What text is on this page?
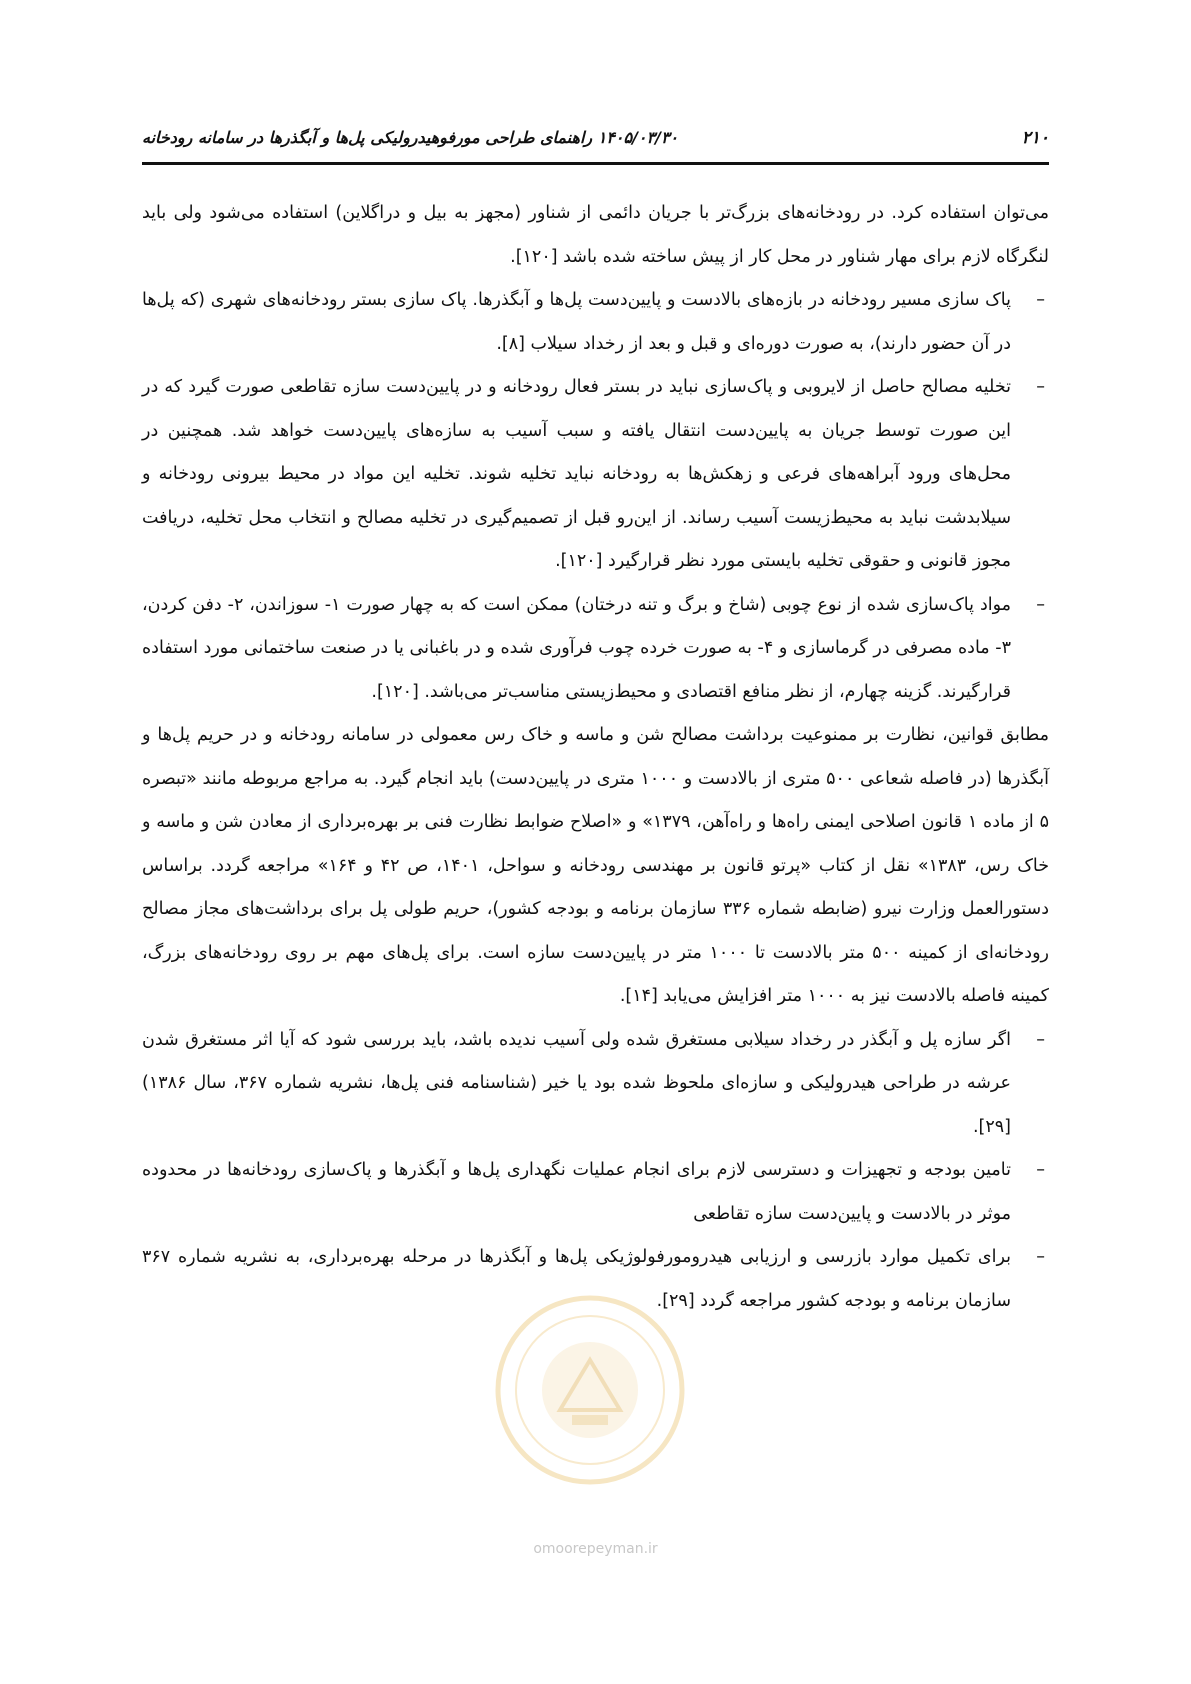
۲۱۰
۱۴۰۵/۰۳/۳۰ راهنمای طراحی مورفوهیدرولیکی پل‌ها و آبگذرها در سامانه رودخانه

می‌توان استفاده کرد. در رودخانه‌های بزرگ‌تر با جریان دائمی از شناور (مجهز به بیل و دراگلاین) استفاده می‌شود ولی باید لنگرگاه لازم برای مهار شناور در محل کار از پیش ساخته شده باشد [۱۲۰].

– پاک سازی مسیر رودخانه در بازه‌های بالادست و پایین‌دست پل‌ها و آبگذرها. پاک سازی بستر رودخانه‌های شهری (که پل‌ها در آن حضور دارند)، به صورت دوره‌ای و قبل و بعد از رخداد سیلاب [۸].
– تخلیه مصالح حاصل از لایروبی و پاک‌سازی نباید در بستر فعال رودخانه و در پایین‌دست سازه تقاطعی صورت گیرد که در این صورت توسط جریان به پایین‌دست انتقال یافته و سبب آسیب به سازه‌های پایین‌دست خواهد شد. همچنین در محل‌های ورود آبراهه‌های فرعی و زهکش‌ها به رودخانه نباید تخلیه شوند. تخلیه این مواد در محیط بیرونی رودخانه و سیلابدشت نباید به محیط‌زیست آسیب رساند. از این‌رو قبل از تصمیم‌گیری در تخلیه مصالح و انتخاب محل تخلیه، دریافت مجوز قانونی و حقوقی تخلیه بایستی مورد نظر قرارگیرد [۱۲۰].
– مواد پاک‌سازی شده از نوع چوبی (شاخ و برگ و تنه درختان) ممکن است که به چهار صورت ۱- سوزاندن، ۲- دفن کردن، ۳- ماده مصرفی در گرماسازی و ۴- به صورت خرده چوب فرآوری شده و در باغبانی یا در صنعت ساختمانی مورد استفاده قرارگیرند. گزینه چهارم، از نظر منافع اقتصادی و محیط‌زیستی مناسب‌تر می‌باشد. [۱۲۰].

مطابق قوانین، نظارت بر ممنوعیت برداشت مصالح شن و ماسه و خاک رس معمولی در سامانه رودخانه و در حریم پل‌ها و آبگذرها (در فاصله شعاعی ۵۰۰ متری از بالادست و ۱۰۰۰ متری در پایین‌دست) باید انجام گیرد. به مراجع مربوطه مانند «تبصره ۵ از ماده ۱ قانون اصلاحی ایمنی راه‌ها و راه‌آهن، ۱۳۷۹» و «اصلاح ضوابط نظارت فنی بر بهره‌برداری از معادن شن و ماسه و خاک رس، ۱۳۸۳» نقل از کتاب «پرتو قانون بر مهندسی رودخانه و سواحل، ۱۴۰۱، ص ۴۲ و ۱۶۴» مراجعه گردد. براساس دستورالعمل وزارت نیرو (ضابطه شماره ۳۳۶ سازمان برنامه و بودجه کشور)، حریم طولی پل برای برداشت‌های مجاز مصالح رودخانه‌ای از کمینه ۵۰۰ متر بالادست تا ۱۰۰۰ متر در پایین‌دست سازه است. برای پل‌های مهم بر روی رودخانه‌های بزرگ، کمینه فاصله بالادست نیز به ۱۰۰۰ متر افزایش می‌یابد [۱۴].

– اگر سازه پل و آبگذر در رخداد سیلابی مستغرق شده ولی آسیب ندیده باشد، باید بررسی شود که آیا اثر مستغرق شدن عرشه در طراحی هیدرولیکی و سازه‌ای ملحوظ شده بود یا خیر (شناسنامه فنی پل‌ها، نشریه شماره ۳۶۷، سال ۱۳۸۶) [۲۹].
– تامین بودجه و تجهیزات و دسترسی لازم برای انجام عملیات نگهداری پل‌ها و آبگذرها و پاک‌سازی رودخانه‌ها در محدوده موثر در بالادست و پایین‌دست سازه تقاطعی
– برای تکمیل موارد بازرسی و ارزیابی هیدرومورفولوژیکی پل‌ها و آبگذرها در مرحله بهره‌برداری، به نشریه شماره ۳۶۷ سازمان برنامه و بودجه کشور مراجعه گردد [۲۹].
omoorepeyman.ir
